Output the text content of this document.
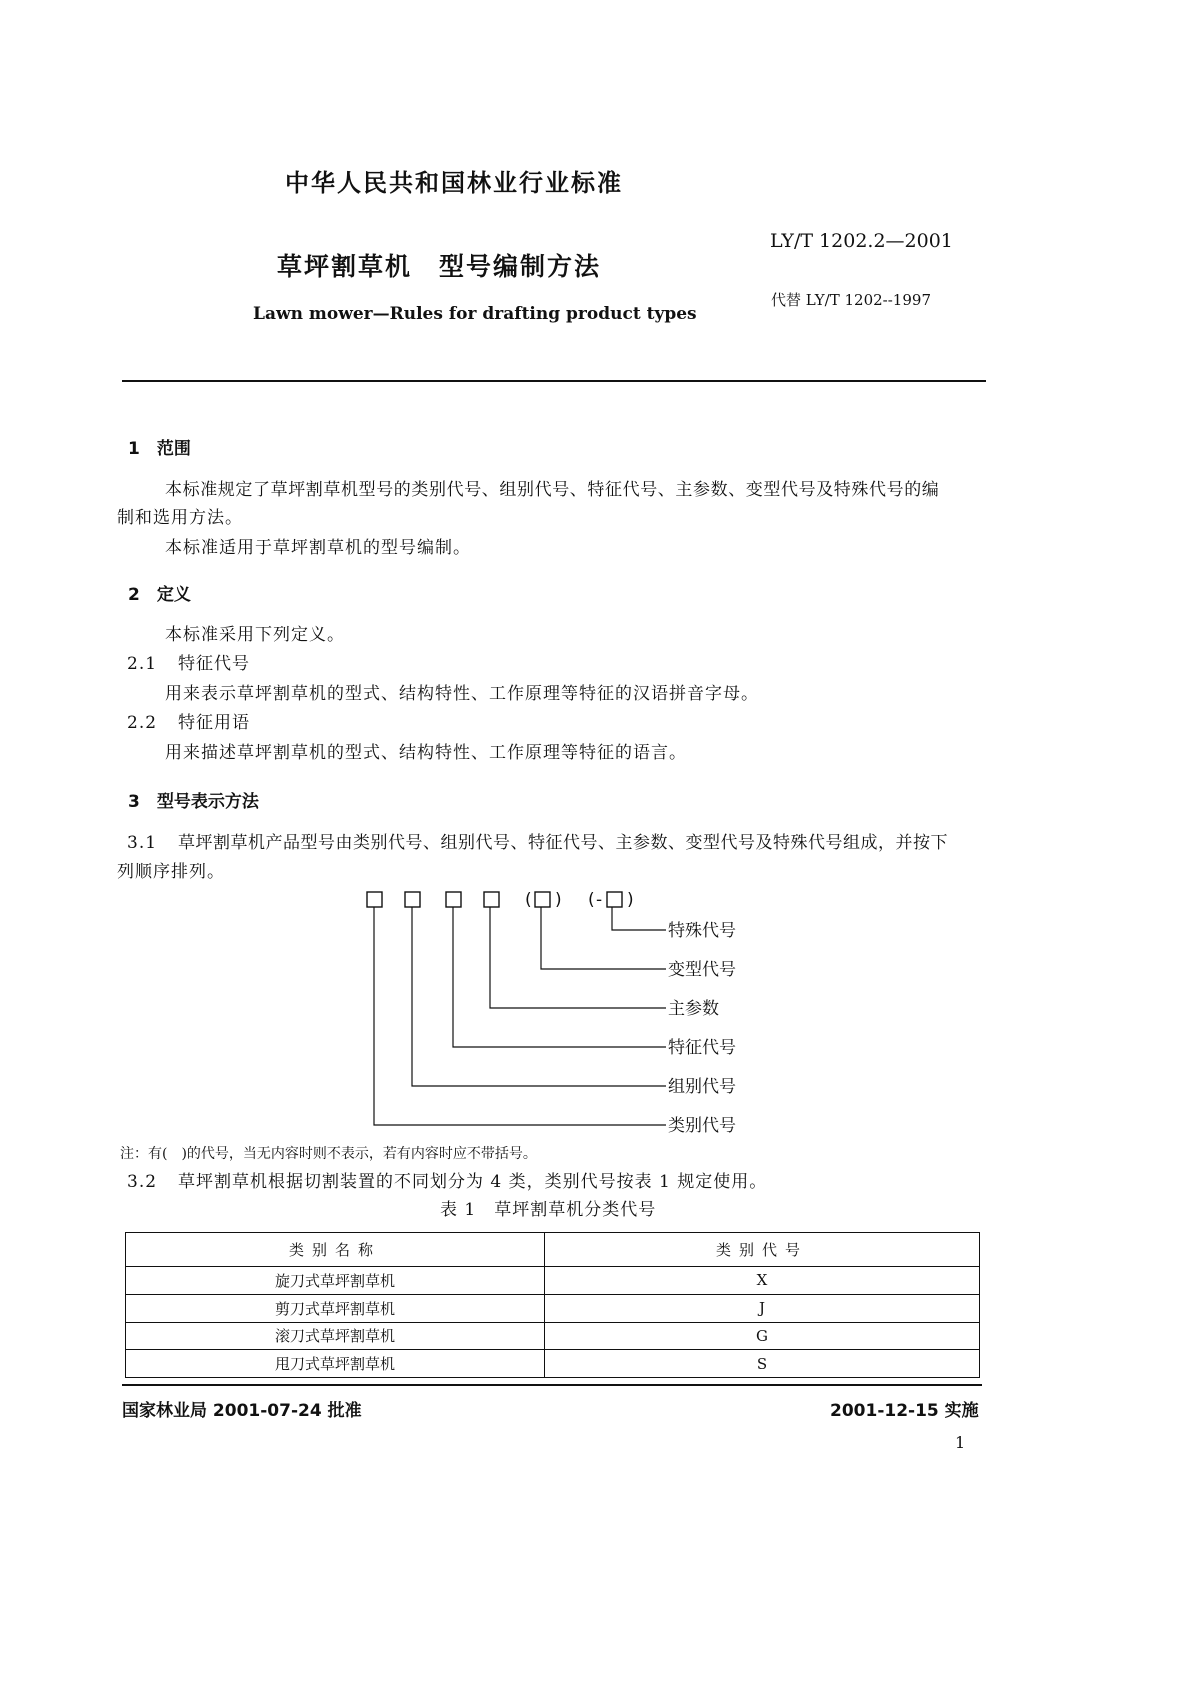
中华人民共和国林业行业标准
草坪割草机　型号编制方法
Lawn mower—Rules for drafting product types
LY/T 1202.2—2001
代替 LY/T 1202--1997
1　范围
本标准规定了草坪割草机型号的类别代号、组别代号、特征代号、主参数、变型代号及特殊代号的编
制和选用方法。
本标准适用于草坪割草机的型号编制。
2　定义
本标准采用下列定义。
2.1 特征代号
用来表示草坪割草机的型式、结构特性、工作原理等特征的汉语拼音字母。
2.2 特征用语
用来描述草坪割草机的型式、结构特性、工作原理等特征的语言。
3　型号表示方法
3.1 草坪割草机产品型号由类别代号、组别代号、特征代号、主参数、变型代号及特殊代号组成，并按下
列顺序排列。
( ) ( - )
特殊代号
变型代号
主参数
特征代号
组别代号
类别代号
注：有(　)的代号，当无内容时则不表示，若有内容时应不带括号。
3.2 草坪割草机根据切割装置的不同划分为 4 类，类别代号按表 1 规定使用。
表 1　草坪割草机分类代号
类别名称	类别代号
旋刀式草坪割草机	X
剪刀式草坪割草机	J
滚刀式草坪割草机	G
甩刀式草坪割草机	S
国家林业局 2001-07-24 批准	2001-12-15 实施
1
